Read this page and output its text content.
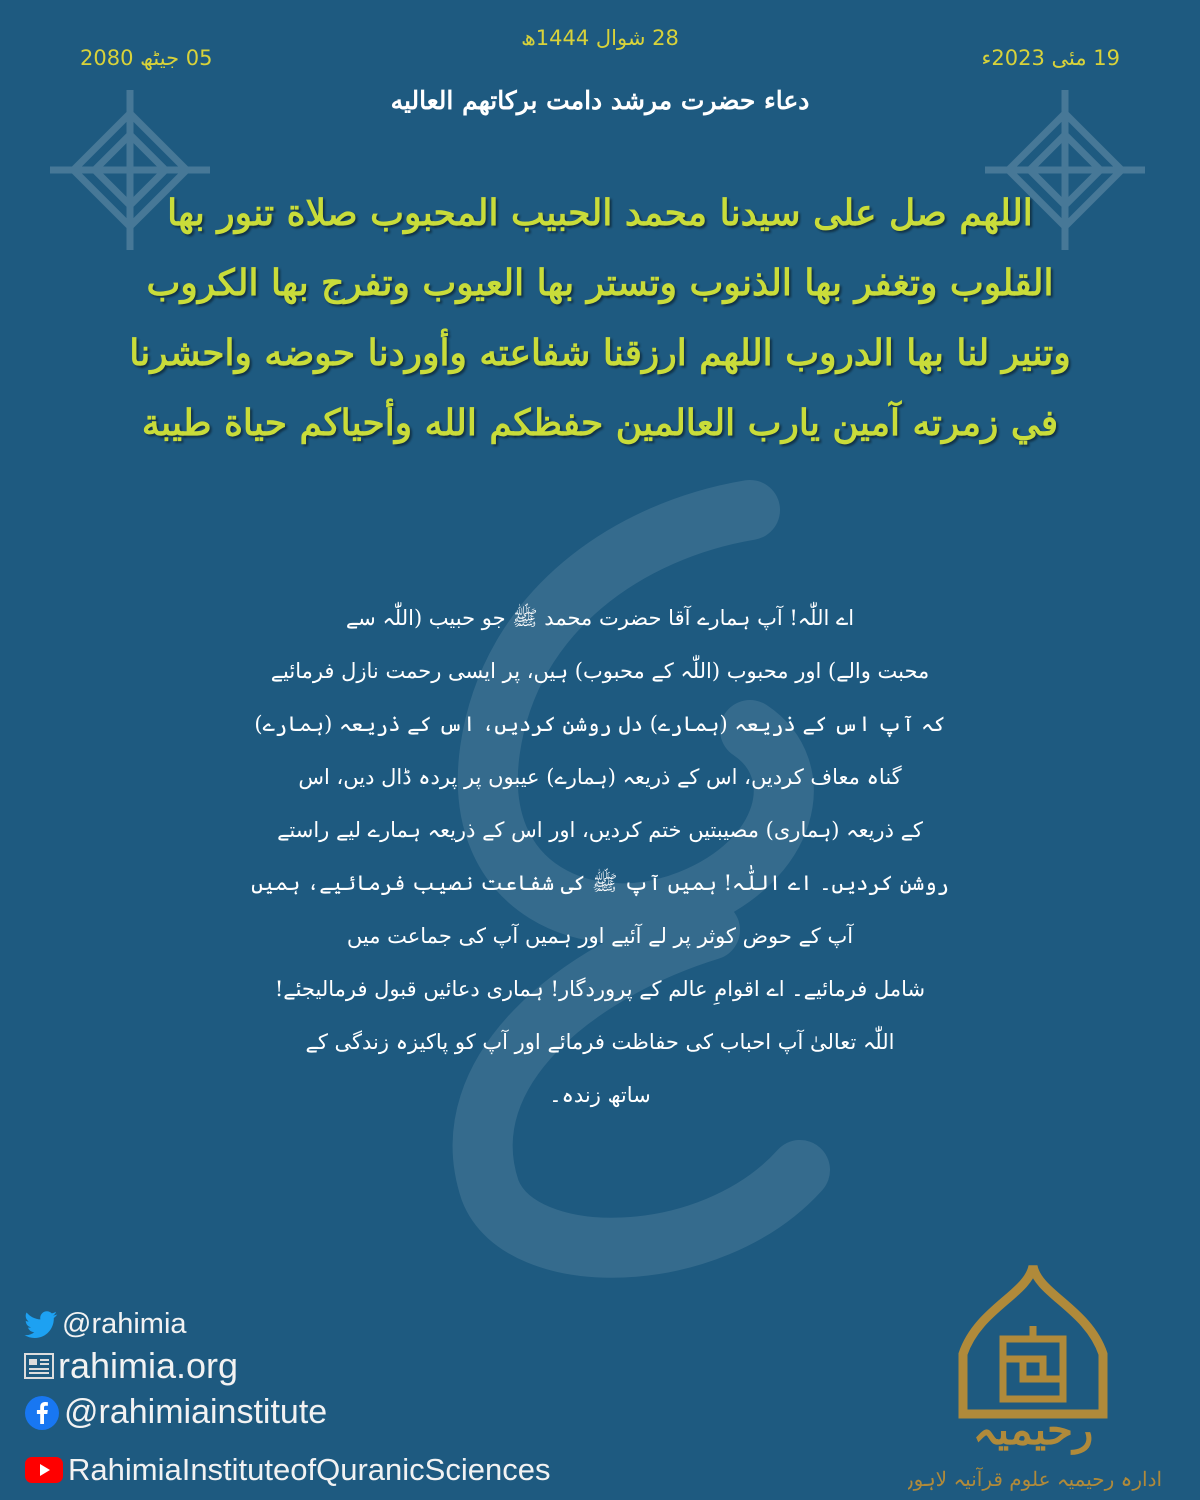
28 شوال 1444ھ
19 مئی 2023ء
05 جیٹھ 2080
دعاء حضرت مرشد دامت برکاتهم العالیه
اللهم صل على سيدنا محمد الحبيب المحبوب صلاة تنور بها
القلوب وتغفر بها الذنوب وتستر بها العيوب وتفرج بها الكروب
وتنير لنا بها الدروب اللهم ارزقنا شفاعته وأوردنا حوضه واحشرنا
في زمرته آمين يارب العالمين حفظكم الله وأحياكم حياة طيبة
اے اللّٰہ! آپ ہمارے آقا حضرت محمد ﷺ جو حبیب (اللّٰہ سے
محبت والے) اور محبوب (اللّٰہ کے محبوب) ہیں، پر ایسی رحمت نازل فرمائیے
کہ آپ اس کے ذریعہ (ہمارے) دل روشن کردیں، اس کے ذریعہ (ہمارے)
گناہ معاف کردیں، اس کے ذریعہ (ہمارے) عیبوں پر پردہ ڈال دیں، اس
کے ذریعہ (ہماری) مصیبتیں ختم کردیں، اور اس کے ذریعہ ہمارے لیے راستے
روشن کردیں۔ اے اللّٰہ! ہمیں آپ ﷺ کی شفاعت نصیب فرمائیے، ہمیں
آپ کے حوض کوثر پر لے آئیے اور ہمیں آپ کی جماعت میں
شامل فرمائیے۔ اے اقوامِ عالم کے پروردگار! ہماری دعائیں قبول فرمالیجئے!
اللّٰہ تعالیٰ آپ احباب کی حفاظت فرمائے اور آپ کو پاکیزہ زندگی کے
ساتھ زندہ۔
@rahimia
rahimia.org
@rahimiainstitute
RahimiaInstituteofQuranicSciences
رحیمیہ
ادارہ رحیمیہ علوم قرآنیہ لاہور
